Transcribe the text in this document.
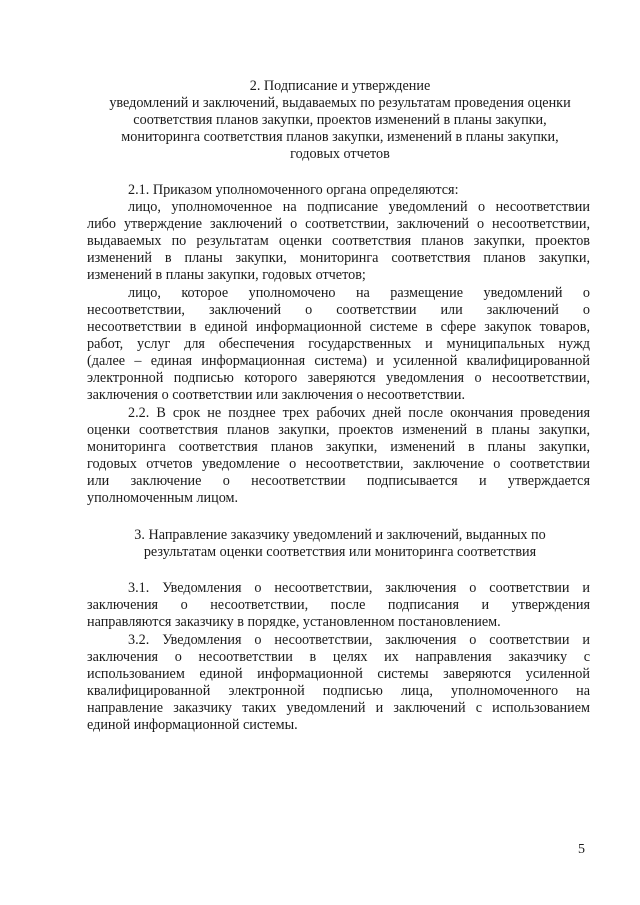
2. Подписание и утверждение
уведомлений и заключений, выдаваемых по результатам проведения оценки
соответствия планов закупки, проектов изменений в планы закупки,
мониторинга соответствия планов закупки, изменений в планы закупки,
годовых отчетов
2.1. Приказом уполномоченного органа определяются:
лицо, уполномоченное на подписание уведомлений о несоответствии
либо утверждение заключений о соответствии, заключений о несоответствии,
выдаваемых по результатам оценки соответствия планов закупки, проектов
изменений в планы закупки, мониторинга соответствия планов закупки,
изменений в планы закупки, годовых отчетов;
лицо, которое уполномочено на размещение уведомлений о
несоответствии, заключений о соответствии или заключений о
несоответствии в единой информационной системе в сфере закупок товаров,
работ, услуг для обеспечения государственных и муниципальных нужд
(далее – единая информационная система) и усиленной квалифицированной
электронной подписью которого заверяются уведомления о несоответствии,
заключения о соответствии или заключения о несоответствии.
2.2. В срок не позднее трех рабочих дней после окончания проведения
оценки соответствия планов закупки, проектов изменений в планы закупки,
мониторинга соответствия планов закупки, изменений в планы закупки,
годовых отчетов уведомление о несоответствии, заключение о соответствии
или заключение о несоответствии подписывается и утверждается
уполномоченным лицом.
3. Направление заказчику уведомлений и заключений, выданных по
результатам оценки соответствия или мониторинга соответствия
3.1. Уведомления о несоответствии, заключения о соответствии и
заключения о несоответствии, после подписания и утверждения
направляются заказчику в порядке, установленном постановлением.
3.2. Уведомления о несоответствии, заключения о соответствии и
заключения о несоответствии в целях их направления заказчику с
использованием единой информационной системы заверяются усиленной
квалифицированной электронной подписью лица, уполномоченного на
направление заказчику таких уведомлений и заключений с использованием
единой информационной системы.
5
